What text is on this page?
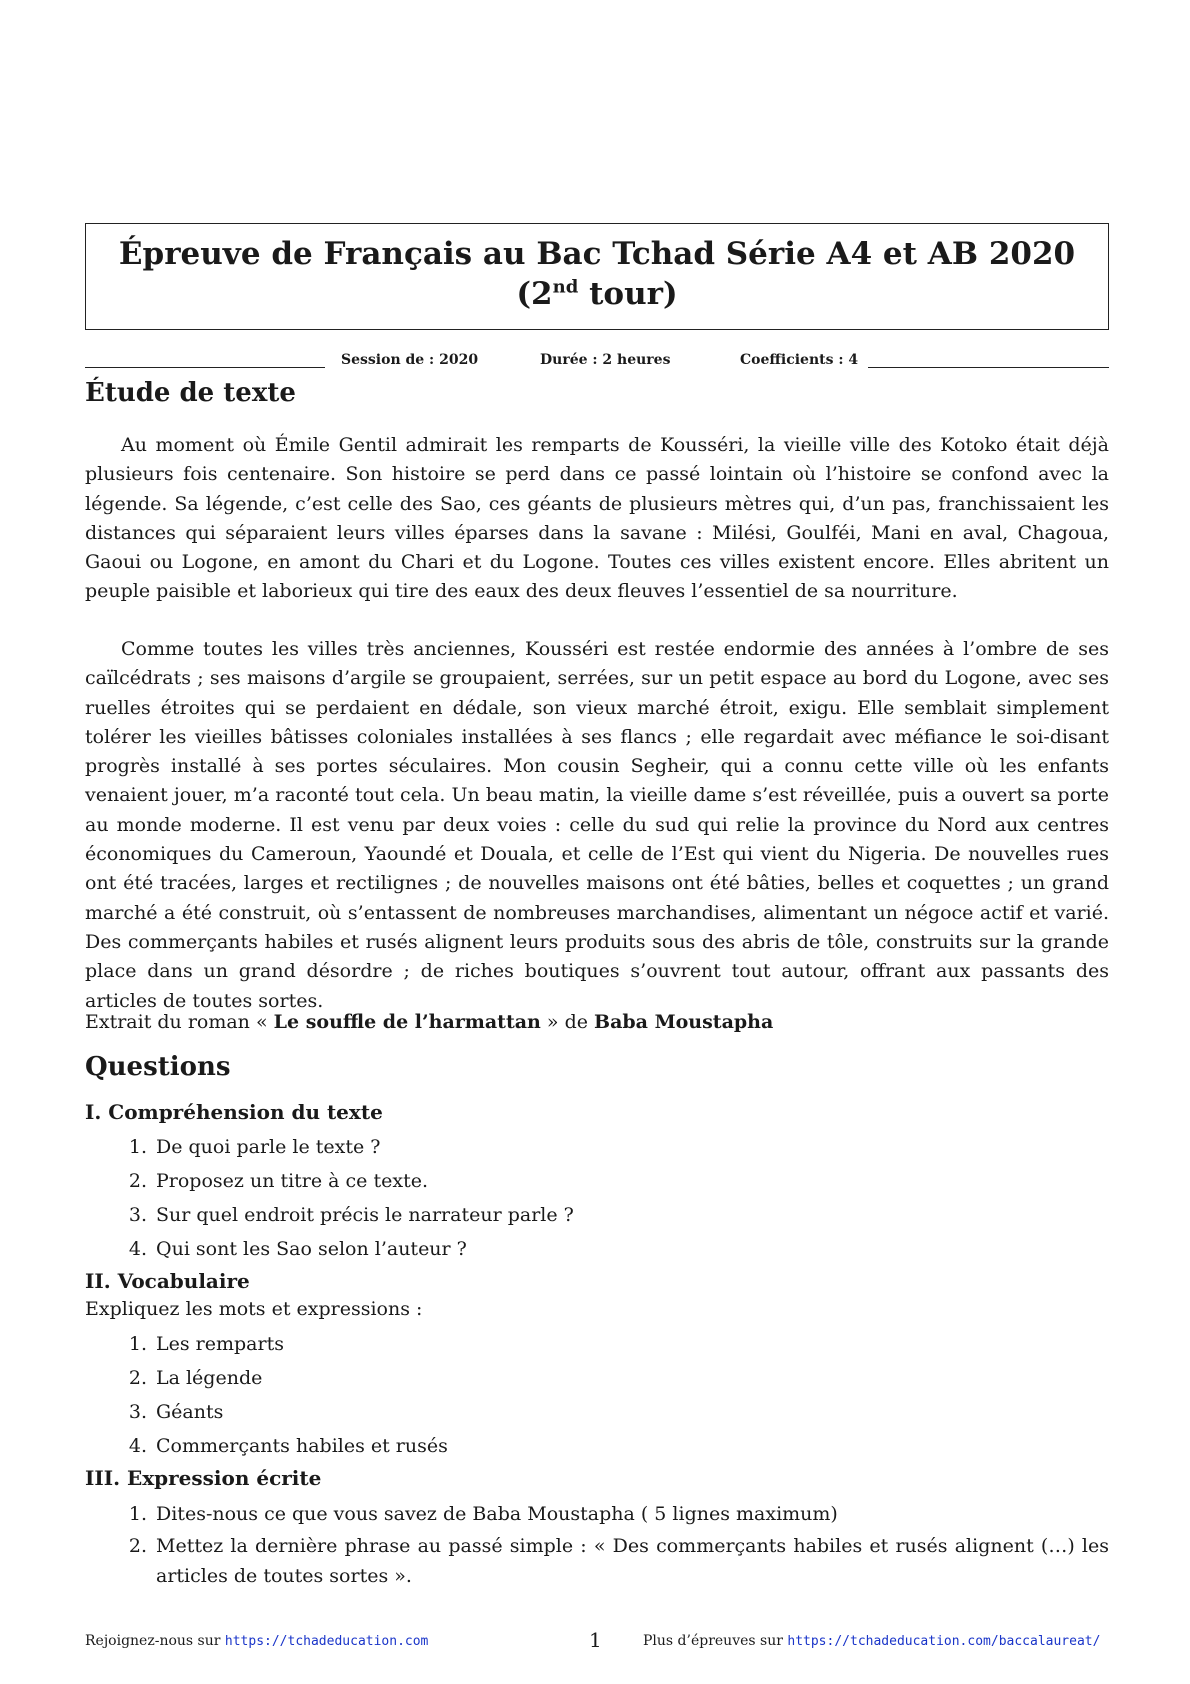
Épreuve de Français au Bac Tchad Série A4 et AB 2020
(2nd tour)
Session de : 2020	Durée : 2 heures	Coefficients : 4
Étude de texte

Au moment où Émile Gentil admirait les remparts de Kousséri, la vieille ville des Kotoko était déjà plusieurs fois centenaire. Son histoire se perd dans ce passé lointain où l’histoire se confond avec la légende. Sa légende, c’est celle des Sao, ces géants de plusieurs mètres qui, d’un pas, franchissaient les distances qui séparaient leurs villes éparses dans la savane : Milési, Goulféi, Mani en aval, Chagoua, Gaoui ou Logone, en amont du Chari et du Logone. Toutes ces villes existent encore. Elles abritent un peuple paisible et laborieux qui tire des eaux des deux fleuves l’essentiel de sa nourriture.

Comme toutes les villes très anciennes, Kousséri est restée endormie des années à l’ombre de ses caïlcédrats ; ses maisons d’argile se groupaient, serrées, sur un petit espace au bord du Logone, avec ses ruelles étroites qui se perdaient en dédale, son vieux marché étroit, exigu. Elle semblait simplement tolérer les vieilles bâtisses coloniales installées à ses flancs ; elle regardait avec méfiance le soi-disant progrès installé à ses portes séculaires. Mon cousin Segheir, qui a connu cette ville où les enfants venaient jouer, m’a raconté tout cela. Un beau matin, la vieille dame s’est réveillée, puis a ouvert sa porte au monde moderne. Il est venu par deux voies : celle du sud qui relie la province du Nord aux centres économiques du Cameroun, Yaoundé et Douala, et celle de l’Est qui vient du Nigeria. De nouvelles rues ont été tracées, larges et rectilignes ; de nouvelles maisons ont été bâties, belles et coquettes ; un grand marché a été construit, où s’entassent de nombreuses marchandises, alimentant un négoce actif et varié. Des commerçants habiles et rusés alignent leurs produits sous des abris de tôle, construits sur la grande place dans un grand désordre ; de riches boutiques s’ouvrent tout autour, offrant aux passants des articles de toutes sortes.

Extrait du roman « Le souffle de l’harmattan » de Baba Moustapha
Questions
I. Compréhension du texte
1. De quoi parle le texte ?
2. Proposez un titre à ce texte.
3. Sur quel endroit précis le narrateur parle ?
4. Qui sont les Sao selon l’auteur ?
II. Vocabulaire
Expliquez les mots et expressions :
1. Les remparts
2. La légende
3. Géants
4. Commerçants habiles et rusés
III. Expression écrite
1. Dites-nous ce que vous savez de Baba Moustapha ( 5 lignes maximum)
2. Mettez la dernière phrase au passé simple : « Des commerçants habiles et rusés alignent (…) les articles de toutes sortes ».
Rejoignez-nous sur https://tchadeducation.com	1	Plus d’épreuves sur https://tchadeducation.com/baccalaureat/
